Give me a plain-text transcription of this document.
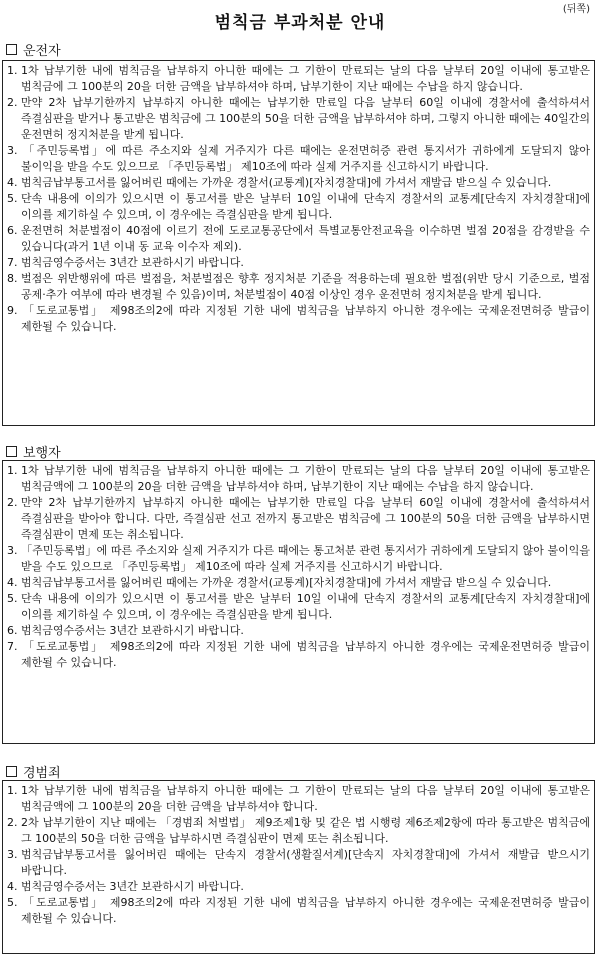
(뒤쪽)
범칙금 부과처분 안내
운전자
1. 1차 납부기한 내에 범칙금을 납부하지 아니한 때에는 그 기한이 만료되는 날의 다음 날부터 20일 이내에 통고받은 범칙금에 그 100분의 20을 더한 금액을 납부하셔야 하며, 납부기한이 지난 때에는 수납을 하지 않습니다.
2. 만약 2차 납부기한까지 납부하지 아니한 때에는 납부기한 만료일 다음 날부터 60일 이내에 경찰서에 출석하셔서 즉결심판을 받거나 통고받은 범칙금에 그 100분의 50을 더한 금액을 납부하셔야 하며, 그렇지 아니한 때에는 40일간의 운전면허 정지처분을 받게 됩니다.
3. 「주민등록법」에 따른 주소지와 실제 거주지가 다른 때에는 운전면허증 관련 통지서가 귀하에게 도달되지 않아 불이익을 받을 수도 있으므로 「주민등록법」 제10조에 따라 실제 거주지를 신고하시기 바랍니다.
4. 범칙금납부통고서를 잃어버린 때에는 가까운 경찰서(교통계)[자치경찰대]에 가셔서 재발급 받으실 수 있습니다.
5. 단속 내용에 이의가 있으시면 이 통고서를 받은 날부터 10일 이내에 단속지 경찰서의 교통계[단속지 자치경찰대]에 이의를 제기하실 수 있으며, 이 경우에는 즉결심판을 받게 됩니다.
6. 운전면허 처분벌점이 40점에 이르기 전에 도로교통공단에서 특별교통안전교육을 이수하면 벌점 20점을 감경받을 수 있습니다(과거 1년 이내 동 교육 이수자 제외).
7. 범칙금영수증서는 3년간 보관하시기 바랍니다.
8. 벌점은 위반행위에 따른 벌점을, 처분벌점은 향후 정지처분 기준을 적용하는데 필요한 벌점(위반 당시 기준으로, 벌점 공제·추가 여부에 따라 변경될 수 있음)이며, 처분벌점이 40점 이상인 경우 운전면허 정지처분을 받게 됩니다.
9. 「도로교통법」 제98조의2에 따라 지정된 기한 내에 범칙금을 납부하지 아니한 경우에는 국제운전면허증 발급이 제한될 수 있습니다.
보행자
1. 1차 납부기한 내에 범칙금을 납부하지 아니한 때에는 그 기한이 만료되는 날의 다음 날부터 20일 이내에 통고받은 범칙금액에 그 100분의 20을 더한 금액을 납부하셔야 하며, 납부기한이 지난 때에는 수납을 하지 않습니다.
2. 만약 2차 납부기한까지 납부하지 아니한 때에는 납부기한 만료일 다음 날부터 60일 이내에 경찰서에 출석하셔서 즉결심판을 받아야 합니다. 다만, 즉결심판 선고 전까지 통고받은 범칙금에 그 100분의 50을 더한 금액을 납부하시면 즉결심판이 면제 또는 취소됩니다.
3. 「주민등록법」에 따른 주소지와 실제 거주지가 다른 때에는 통고처분 관련 통지서가 귀하에게 도달되지 않아 불이익을 받을 수도 있으므로 「주민등록법」 제10조에 따라 실제 거주지를 신고하시기 바랍니다.
4. 범칙금납부통고서를 잃어버린 때에는 가까운 경찰서(교통계)[자치경찰대]에 가셔서 재발급 받으실 수 있습니다.
5. 단속 내용에 이의가 있으시면 이 통고서를 받은 날부터 10일 이내에 단속지 경찰서의 교통계[단속지 자치경찰대]에 이의를 제기하실 수 있으며, 이 경우에는 즉결심판을 받게 됩니다.
6. 범칙금영수증서는 3년간 보관하시기 바랍니다.
7. 「도로교통법」 제98조의2에 따라 지정된 기한 내에 범칙금을 납부하지 아니한 경우에는 국제운전면허증 발급이 제한될 수 있습니다.
경범죄
1. 1차 납부기한 내에 범칙금을 납부하지 아니한 때에는 그 기한이 만료되는 날의 다음 날부터 20일 이내에 통고받은 범칙금액에 그 100분의 20을 더한 금액을 납부하셔야 합니다.
2. 2차 납부기한이 지난 때에는 「경범죄 처벌법」 제9조제1항 및 같은 법 시행령 제6조제2항에 따라 통고받은 범칙금에 그 100분의 50을 더한 금액을 납부하시면 즉결심판이 면제 또는 취소됩니다.
3. 범칙금납부통고서를 잃어버린 때에는 단속지 경찰서(생활질서계)[단속지 자치경찰대]에 가셔서 재발급 받으시기 바랍니다.
4. 범칙금영수증서는 3년간 보관하시기 바랍니다.
5. 「도로교통법」 제98조의2에 따라 지정된 기한 내에 범칙금을 납부하지 아니한 경우에는 국제운전면허증 발급이 제한될 수 있습니다.
